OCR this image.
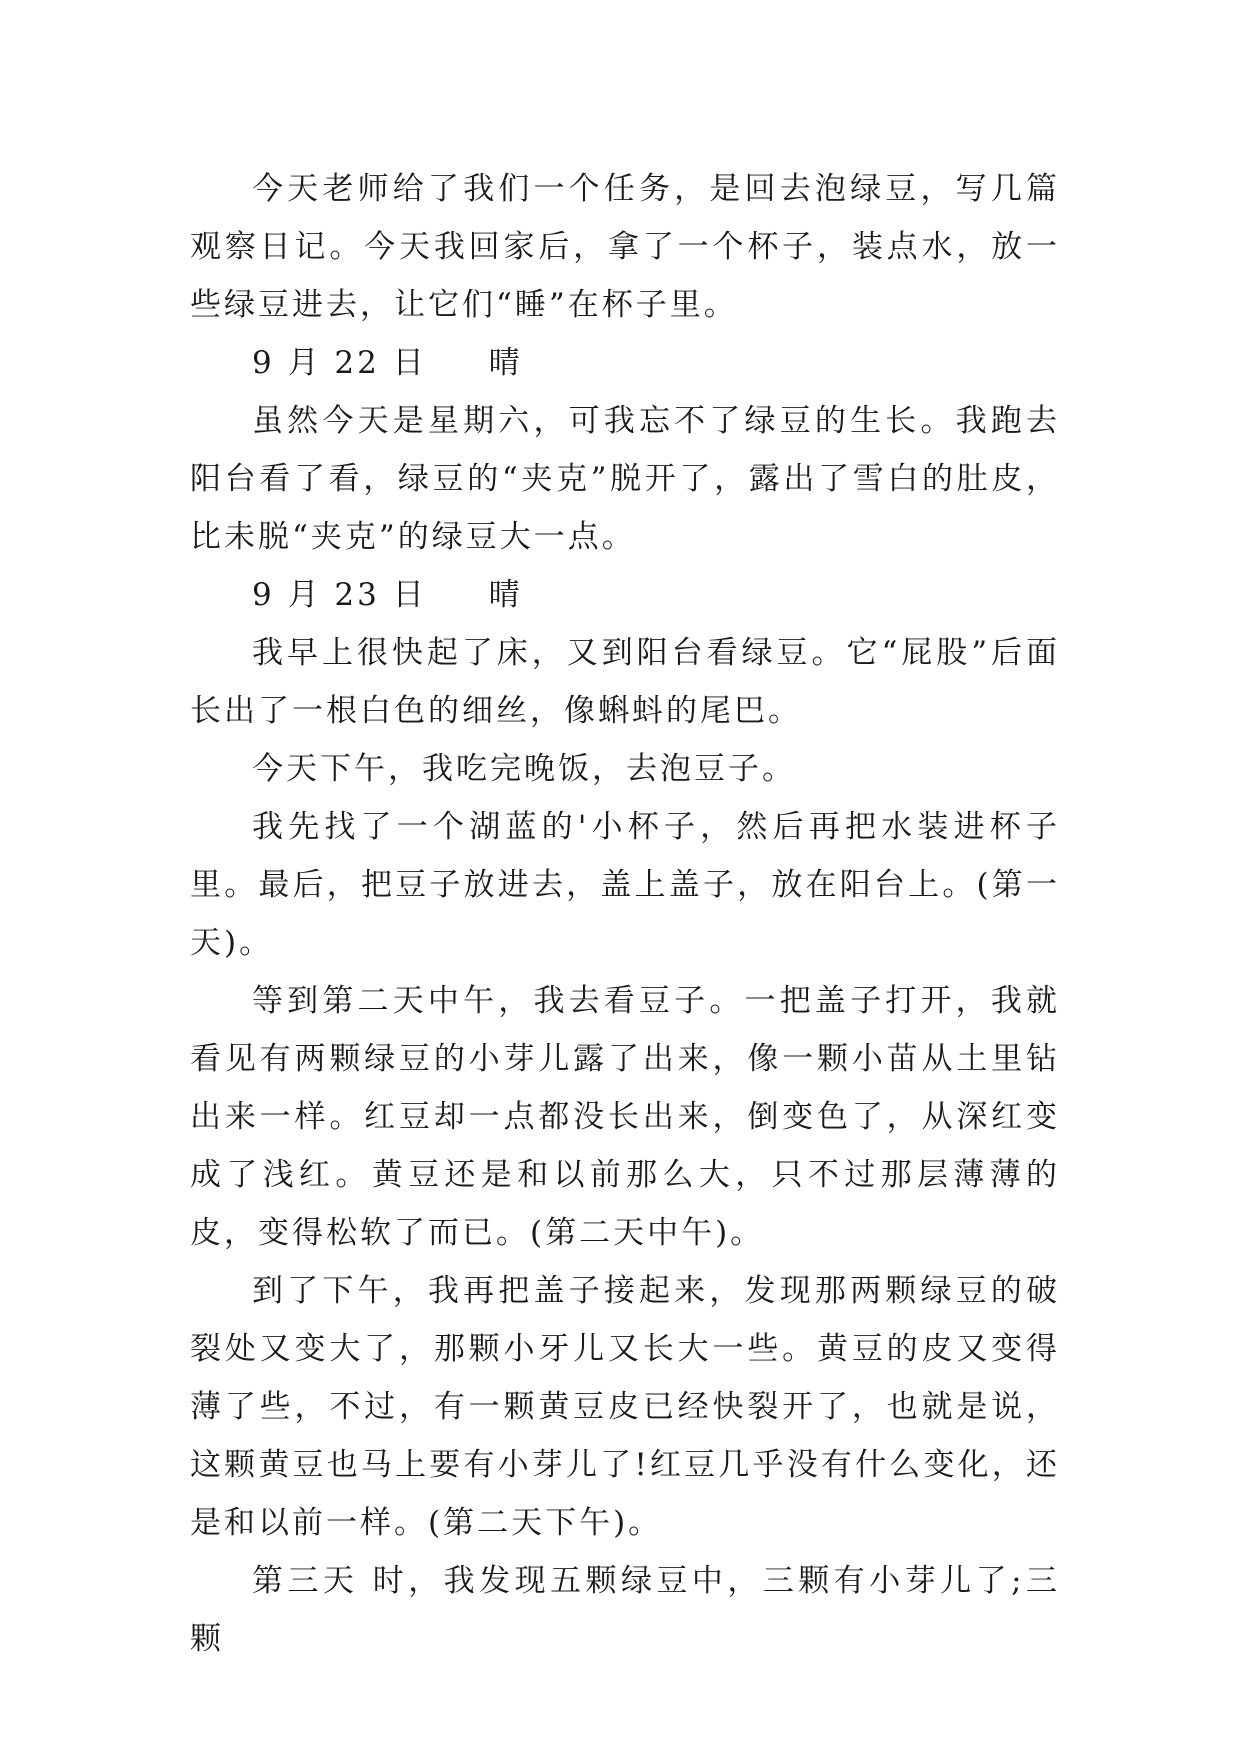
今天老师给了我们一个任务，是回去泡绿豆，写几篇观察日记。今天我回家后，拿了一个杯子，装点水，放一些绿豆进去，让它们“睡”在杯子里。

9 月 22 日 晴

虽然今天是星期六，可我忘不了绿豆的生长。我跑去阳台看了看，绿豆的“夹克”脱开了，露出了雪白的肚皮，比未脱“夹克”的绿豆大一点。

9 月 23 日 晴

我早上很快起了床，又到阳台看绿豆。它“屁股”后面长出了一根白色的细丝，像蝌蚪的尾巴。

今天下午，我吃完晚饭，去泡豆子。

我先找了一个湖蓝的'小杯子，然后再把水装进杯子里。最后，把豆子放进去，盖上盖子，放在阳台上。(第一天)。

等到第二天中午，我去看豆子。一把盖子打开，我就看见有两颗绿豆的小芽儿露了出来，像一颗小苗从土里钻出来一样。红豆却一点都没长出来，倒变色了，从深红变成了浅红。黄豆还是和以前那么大，只不过那层薄薄的皮，变得松软了而已。(第二天中午)。

到了下午，我再把盖子接起来，发现那两颗绿豆的破裂处又变大了，那颗小牙儿又长大一些。黄豆的皮又变得薄了些，不过，有一颗黄豆皮已经快裂开了，也就是说，这颗黄豆也马上要有小芽儿了!红豆几乎没有什么变化，还是和以前一样。(第二天下午)。

第三天 时，我发现五颗绿豆中，三颗有小芽儿了;三颗
